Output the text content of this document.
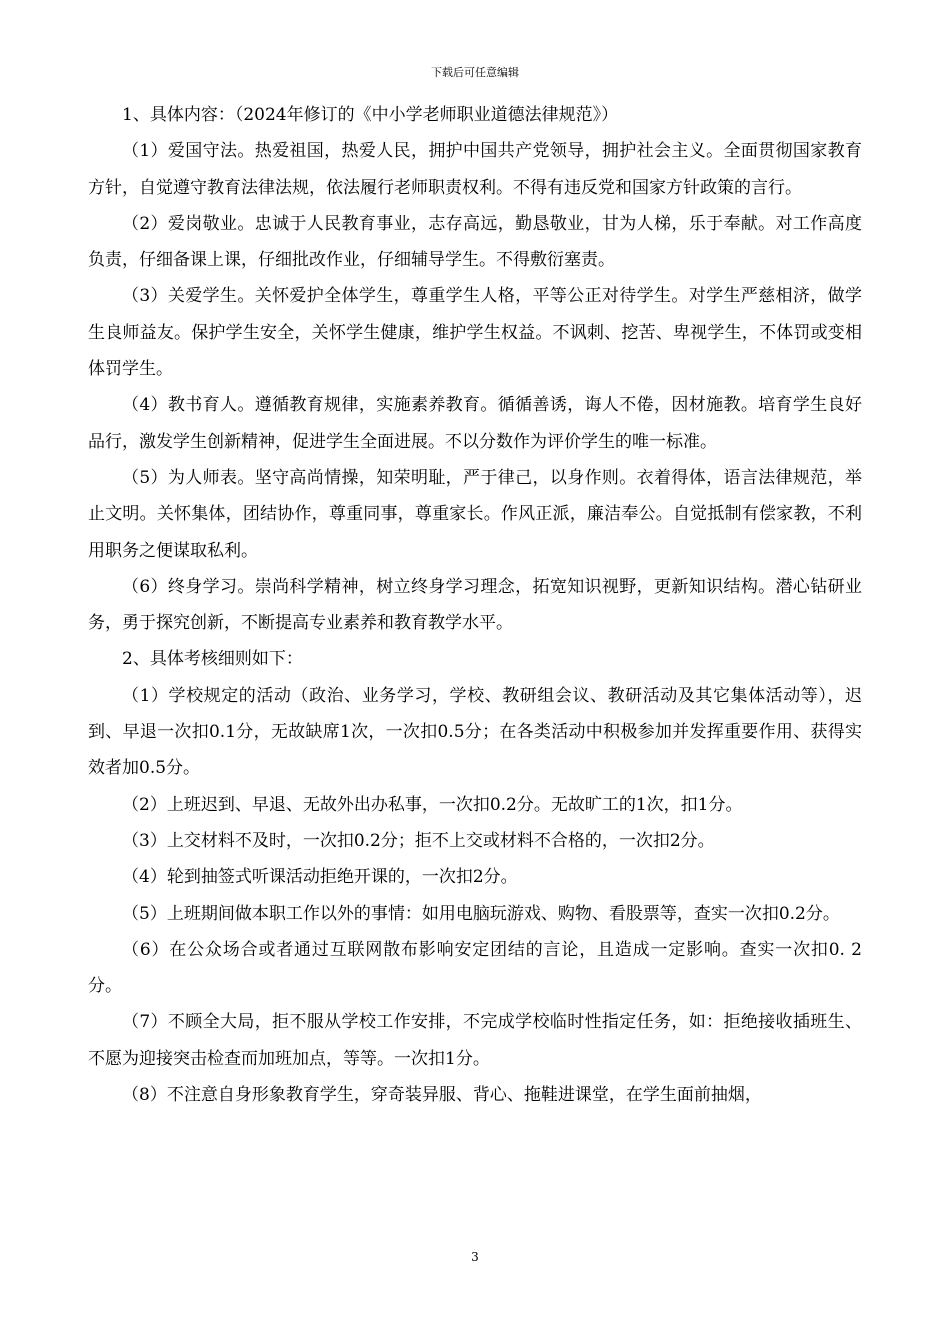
下载后可任意编辑

1、具体内容：（2024年修订的《中小学老师职业道德法律规范》）

（1）爱国守法。热爱祖国，热爱人民，拥护中国共产党领导，拥护社会主义。全面贯彻国家教育方针，自觉遵守教育法律法规，依法履行老师职责权利。不得有违反党和国家方针政策的言行。

（2）爱岗敬业。忠诚于人民教育事业，志存高远，勤恳敬业，甘为人梯，乐于奉献。对工作高度负责，仔细备课上课，仔细批改作业，仔细辅导学生。不得敷衍塞责。

（3）关爱学生。关怀爱护全体学生，尊重学生人格，平等公正对待学生。对学生严慈相济，做学生良师益友。保护学生安全，关怀学生健康，维护学生权益。不讽刺、挖苦、卑视学生，不体罚或变相体罚学生。

（4）教书育人。遵循教育规律，实施素养教育。循循善诱，诲人不倦，因材施教。培育学生良好品行，激发学生创新精神，促进学生全面进展。不以分数作为评价学生的唯一标准。

（5）为人师表。坚守高尚情操，知荣明耻，严于律己，以身作则。衣着得体，语言法律规范，举止文明。关怀集体，团结协作，尊重同事，尊重家长。作风正派，廉洁奉公。自觉抵制有偿家教，不利用职务之便谋取私利。

（6）终身学习。崇尚科学精神，树立终身学习理念，拓宽知识视野，更新知识结构。潜心钻研业务，勇于探究创新，不断提高专业素养和教育教学水平。

2、具体考核细则如下：

（1）学校规定的活动（政治、业务学习，学校、教研组会议、教研活动及其它集体活动等），迟到、早退一次扣0.1分，无故缺席1次，一次扣0.5分；在各类活动中积极参加并发挥重要作用、获得实效者加0.5分。

（2）上班迟到、早退、无故外出办私事，一次扣0.2分。无故旷工的1次，扣1分。

（3）上交材料不及时，一次扣0.2分；拒不上交或材料不合格的，一次扣2分。

（4）轮到抽签式听课活动拒绝开课的，一次扣2分。

（5）上班期间做本职工作以外的事情：如用电脑玩游戏、购物、看股票等，查实一次扣0.2分。

（6）在公众场合或者通过互联网散布影响安定团结的言论，且造成一定影响。查实一次扣0. 2分。

（7）不顾全大局，拒不服从学校工作安排，不完成学校临时性指定任务，如：拒绝接收插班生、不愿为迎接突击检查而加班加点，等等。一次扣1分。

（8）不注意自身形象教育学生，穿奇装异服、背心、拖鞋进课堂，在学生面前抽烟，

3
